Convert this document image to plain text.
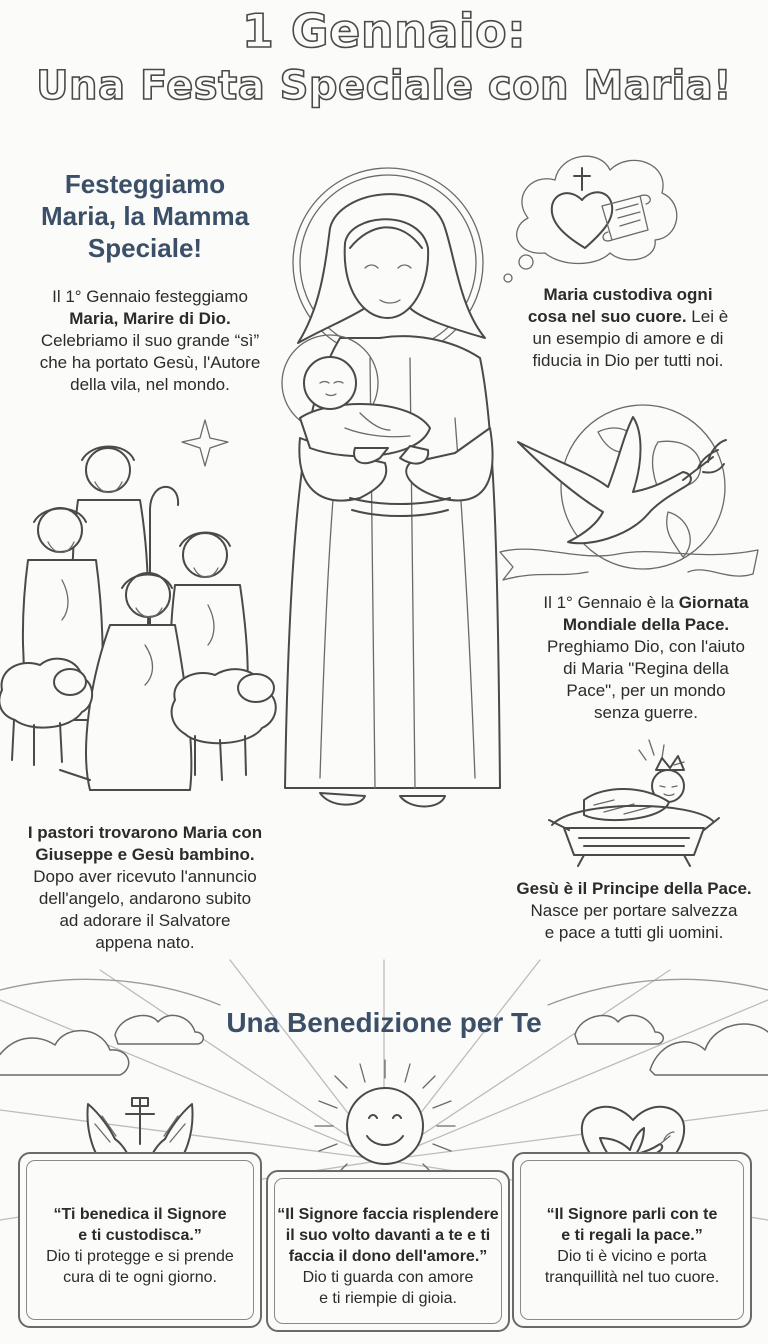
1 Gennaio:
Una Festa Speciale con Maria!
Festeggiamo
Maria, la Mamma
Speciale!
Il 1° Gennaio festeggiamo
Maria, Marire di Dio.
Celebriamo il suo grande “sì”
che ha portato Gesù, l'Autore
della vila, nel mondo.
Maria custodiva ogni
cosa nel suo cuore. Lei è
un esempio di amore e di
fiducia in Dio per tutti noi.
Il 1° Gennaio è la Giornata
Mondiale della Pace.
Preghiamo Dio, con l'aiuto
di Maria "Regina della
Pace", per un mondo
senza guerre.
Gesù è il Principe della Pace.
Nasce per portare salvezza
e pace a tutti gli uomini.
I pastori trovarono Maria con
Giuseppe e Gesù bambino.
Dopo aver ricevuto l'annuncio
dell'angelo, andarono subito
ad adorare il Salvatore
appena nato.
Una Benedizione per Te
“Ti benedica il Signore
e ti custodisca.”
Dio ti protegge e si prende
cura di te ogni giorno.
“Il Signore faccia risplendere
il suo volto davanti a te e ti
faccia il dono dell'amore.”
Dio ti guarda con amore
e ti riempie di gioia.
“Il Signore parli con te
e ti regali la pace.”
Dio ti è vicino e porta
tranquillità nel tuo cuore.
